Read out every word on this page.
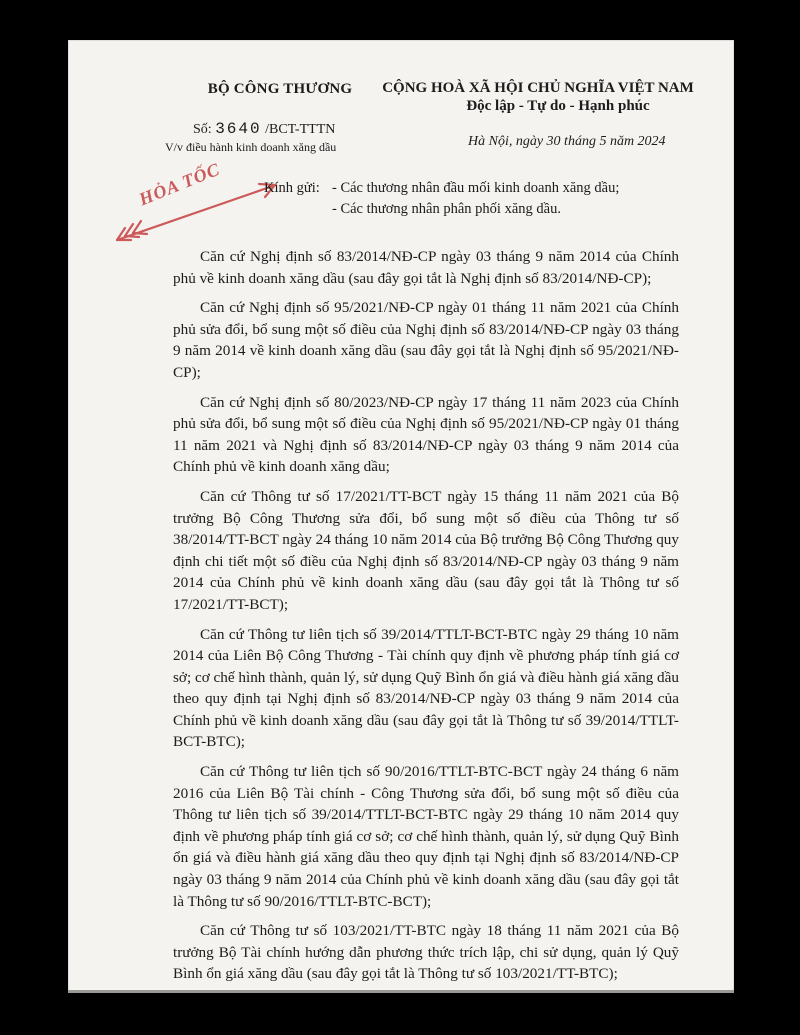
BỘ CÔNG THƯƠNG
Số: 3640 /BCT-TTTN
V/v điều hành kinh doanh xăng dầu
CỘNG HOÀ XÃ HỘI CHỦ NGHĨA VIỆT NAM
Độc lập - Tự do - Hạnh phúc
Hà Nội, ngày 30 tháng 5 năm 2024
HỎA TỐC	Kính gửi: - Các thương nhân đầu mối kinh doanh xăng dầu;
- Các thương nhân phân phối xăng dầu.

Căn cứ Nghị định số 83/2014/NĐ-CP ngày 03 tháng 9 năm 2014 của Chính phủ về kinh doanh xăng dầu (sau đây gọi tắt là Nghị định số 83/2014/NĐ-CP);

Căn cứ Nghị định số 95/2021/NĐ-CP ngày 01 tháng 11 năm 2021 của Chính phủ sửa đổi, bổ sung một số điều của Nghị định số 83/2014/NĐ-CP ngày 03 tháng 9 năm 2014 về kinh doanh xăng dầu (sau đây gọi tắt là Nghị định số 95/2021/NĐ-CP);

Căn cứ Nghị định số 80/2023/NĐ-CP ngày 17 tháng 11 năm 2023 của Chính phủ sửa đổi, bổ sung một số điều của Nghị định số 95/2021/NĐ-CP ngày 01 tháng 11 năm 2021 và Nghị định số 83/2014/NĐ-CP ngày 03 tháng 9 năm 2014 của Chính phủ về kinh doanh xăng dầu;

Căn cứ Thông tư số 17/2021/TT-BCT ngày 15 tháng 11 năm 2021 của Bộ trưởng Bộ Công Thương sửa đổi, bổ sung một số điều của Thông tư số 38/2014/TT-BCT ngày 24 tháng 10 năm 2014 của Bộ trưởng Bộ Công Thương quy định chi tiết một số điều của Nghị định số 83/2014/NĐ-CP ngày 03 tháng 9 năm 2014 của Chính phủ về kinh doanh xăng dầu (sau đây gọi tắt là Thông tư số 17/2021/TT-BCT);

Căn cứ Thông tư liên tịch số 39/2014/TTLT-BCT-BTC ngày 29 tháng 10 năm 2014 của Liên Bộ Công Thương - Tài chính quy định về phương pháp tính giá cơ sở; cơ chế hình thành, quản lý, sử dụng Quỹ Bình ổn giá và điều hành giá xăng dầu theo quy định tại Nghị định số 83/2014/NĐ-CP ngày 03 tháng 9 năm 2014 của Chính phủ về kinh doanh xăng dầu (sau đây gọi tắt là Thông tư số 39/2014/TTLT-BCT-BTC);

Căn cứ Thông tư liên tịch số 90/2016/TTLT-BTC-BCT ngày 24 tháng 6 năm 2016 của Liên Bộ Tài chính - Công Thương sửa đổi, bổ sung một số điều của Thông tư liên tịch số 39/2014/TTLT-BCT-BTC ngày 29 tháng 10 năm 2014 quy định về phương pháp tính giá cơ sở; cơ chế hình thành, quản lý, sử dụng Quỹ Bình ổn giá và điều hành giá xăng dầu theo quy định tại Nghị định số 83/2014/NĐ-CP ngày 03 tháng 9 năm 2014 của Chính phủ về kinh doanh xăng dầu (sau đây gọi tắt là Thông tư số 90/2016/TTLT-BTC-BCT);

Căn cứ Thông tư số 103/2021/TT-BTC ngày 18 tháng 11 năm 2021 của Bộ trưởng Bộ Tài chính hướng dẫn phương thức trích lập, chi sử dụng, quản lý Quỹ Bình ổn giá xăng dầu (sau đây gọi tắt là Thông tư số 103/2021/TT-BTC);
